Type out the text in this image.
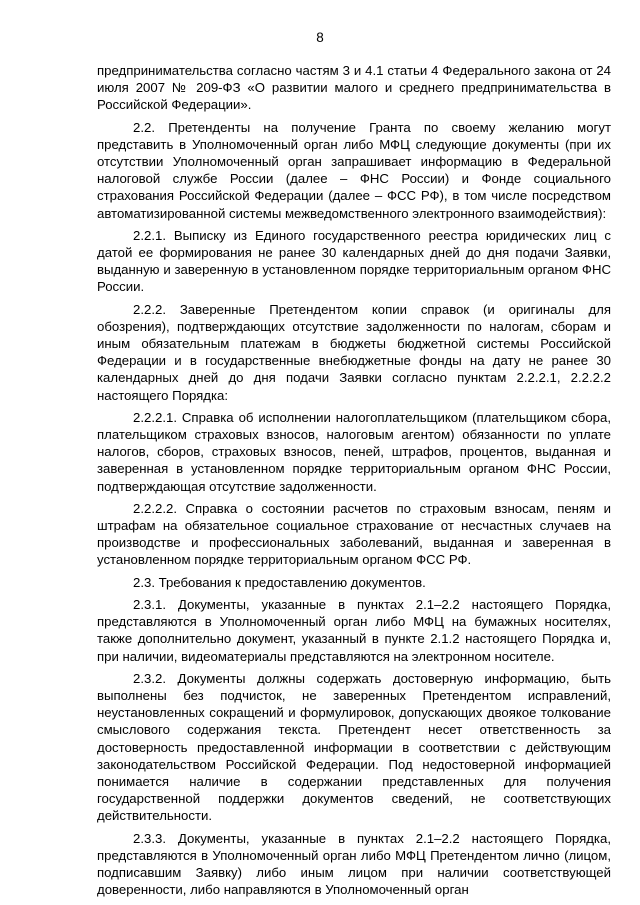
8

предпринимательства согласно частям 3 и 4.1 статьи 4 Федерального закона от 24 июля 2007 № 209-ФЗ «О развитии малого и среднего предпринимательства в Российской Федерации».

2.2. Претенденты на получение Гранта по своему желанию могут представить в Уполномоченный орган либо МФЦ следующие документы (при их отсутствии Уполномоченный орган запрашивает информацию в Федеральной налоговой службе России (далее – ФНС России) и Фонде социального страхования Российской Федерации (далее – ФСС РФ), в том числе посредством автоматизированной системы межведомственного электронного взаимодействия):

2.2.1. Выписку из Единого государственного реестра юридических лиц с датой ее формирования не ранее 30 календарных дней до дня подачи Заявки, выданную и заверенную в установленном порядке территориальным органом ФНС России.

2.2.2. Заверенные Претендентом копии справок (и оригиналы для обозрения), подтверждающих отсутствие задолженности по налогам, сборам и иным обязательным платежам в бюджеты бюджетной системы Российской Федерации и в государственные внебюджетные фонды на дату не ранее 30 календарных дней до дня подачи Заявки согласно пунктам 2.2.2.1, 2.2.2.2 настоящего Порядка:

2.2.2.1. Справка об исполнении налогоплательщиком (плательщиком сбора, плательщиком страховых взносов, налоговым агентом) обязанности по уплате налогов, сборов, страховых взносов, пеней, штрафов, процентов, выданная и заверенная в установленном порядке территориальным органом ФНС России, подтверждающая отсутствие задолженности.

2.2.2.2. Справка о состоянии расчетов по страховым взносам, пеням и штрафам на обязательное социальное страхование от несчастных случаев на производстве и профессиональных заболеваний, выданная и заверенная в установленном порядке территориальным органом ФСС РФ.

2.3. Требования к предоставлению документов.

2.3.1. Документы, указанные в пунктах 2.1–2.2 настоящего Порядка, представляются в Уполномоченный орган либо МФЦ на бумажных носителях, также дополнительно документ, указанный в пункте 2.1.2 настоящего Порядка и, при наличии, видеоматериалы представляются на электронном носителе.

2.3.2. Документы должны содержать достоверную информацию, быть выполнены без подчисток, не заверенных Претендентом исправлений, неустановленных сокращений и формулировок, допускающих двоякое толкование смыслового содержания текста. Претендент несет ответственность за достоверность предоставленной информации в соответствии с действующим законодательством Российской Федерации. Под недостоверной информацией понимается наличие в содержании представленных для получения государственной поддержки документов сведений, не соответствующих действительности.

2.3.3. Документы, указанные в пунктах 2.1–2.2 настоящего Порядка, представляются в Уполномоченный орган либо МФЦ Претендентом лично (лицом, подписавшим Заявку) либо иным лицом при наличии соответствующей доверенности, либо направляются в Уполномоченный орган
